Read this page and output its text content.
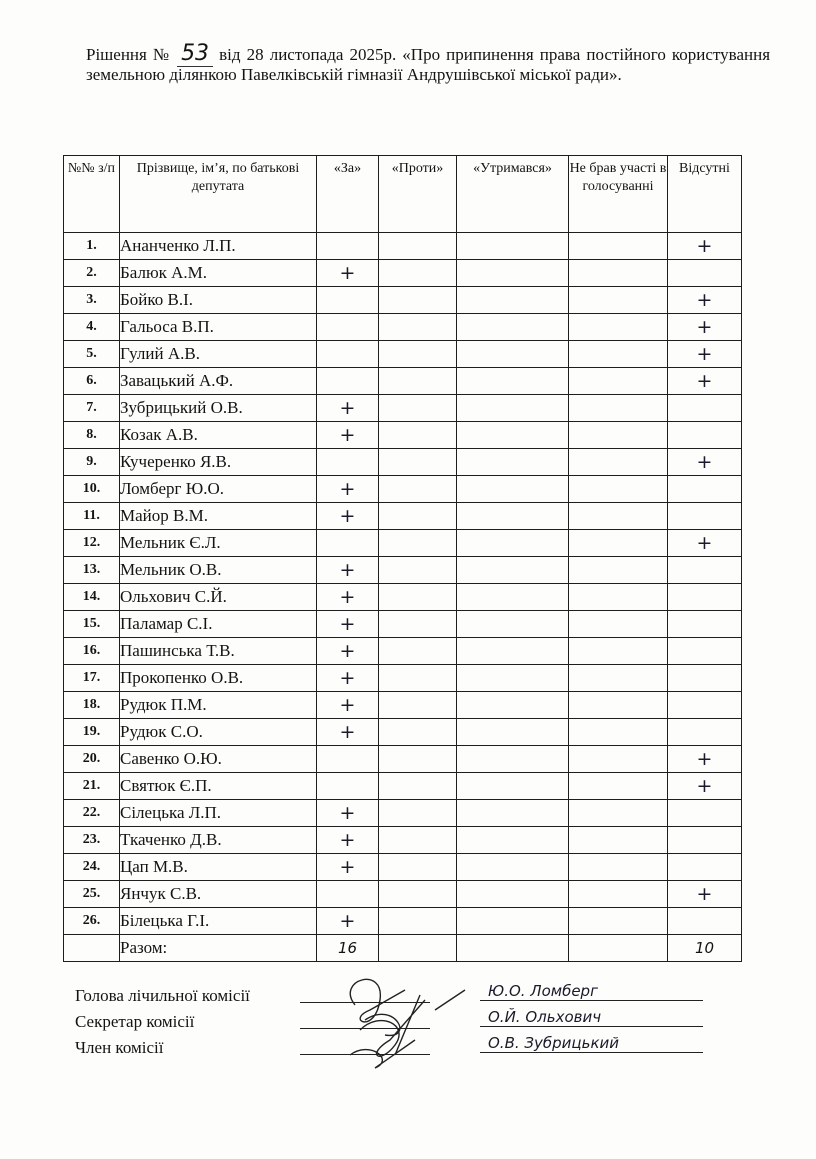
Рішення № 53 від 28 листопада 2025р. «Про припинення права постійного користування земельною ділянкою Павелківській гімназії Андрушівської міської ради».
№№ з/п	Прізвище, ім’я, по батькові депутата	«За»	«Проти»	«Утримався»	Не брав участі в голосуванні	Відсутні
1.	Ананченко Л.П.					+
2.	Балюк А.М.	+				
3.	Бойко В.І.					+
4.	Гальоса В.П.					+
5.	Гулий А.В.					+
6.	Завацький А.Ф.					+
7.	Зубрицький О.В.	+				
8.	Козак А.В.	+				
9.	Кучеренко Я.В.					+
10.	Ломберг Ю.О.	+				
11.	Майор В.М.	+				
12.	Мельник Є.Л.					+
13.	Мельник О.В.	+				
14.	Ольхович С.Й.	+				
15.	Паламар С.І.	+				
16.	Пашинська Т.В.	+				
17.	Прокопенко О.В.	+				
18.	Рудюк П.М.	+				
19.	Рудюк С.О.	+				
20.	Савенко О.Ю.					+
21.	Святюк Є.П.					+
22.	Сілецька Л.П.	+				
23.	Ткаченко Д.В.	+				
24.	Цап М.В.	+				
25.	Янчук С.В.					+
26.	Білецька Г.І.	+				
	Разом:	16				10
Голова лічильної комісії	Ю.О. Ломберг
Секретар комісії	О.Й. Ольхович
Член комісії	О.В. Зубрицький
